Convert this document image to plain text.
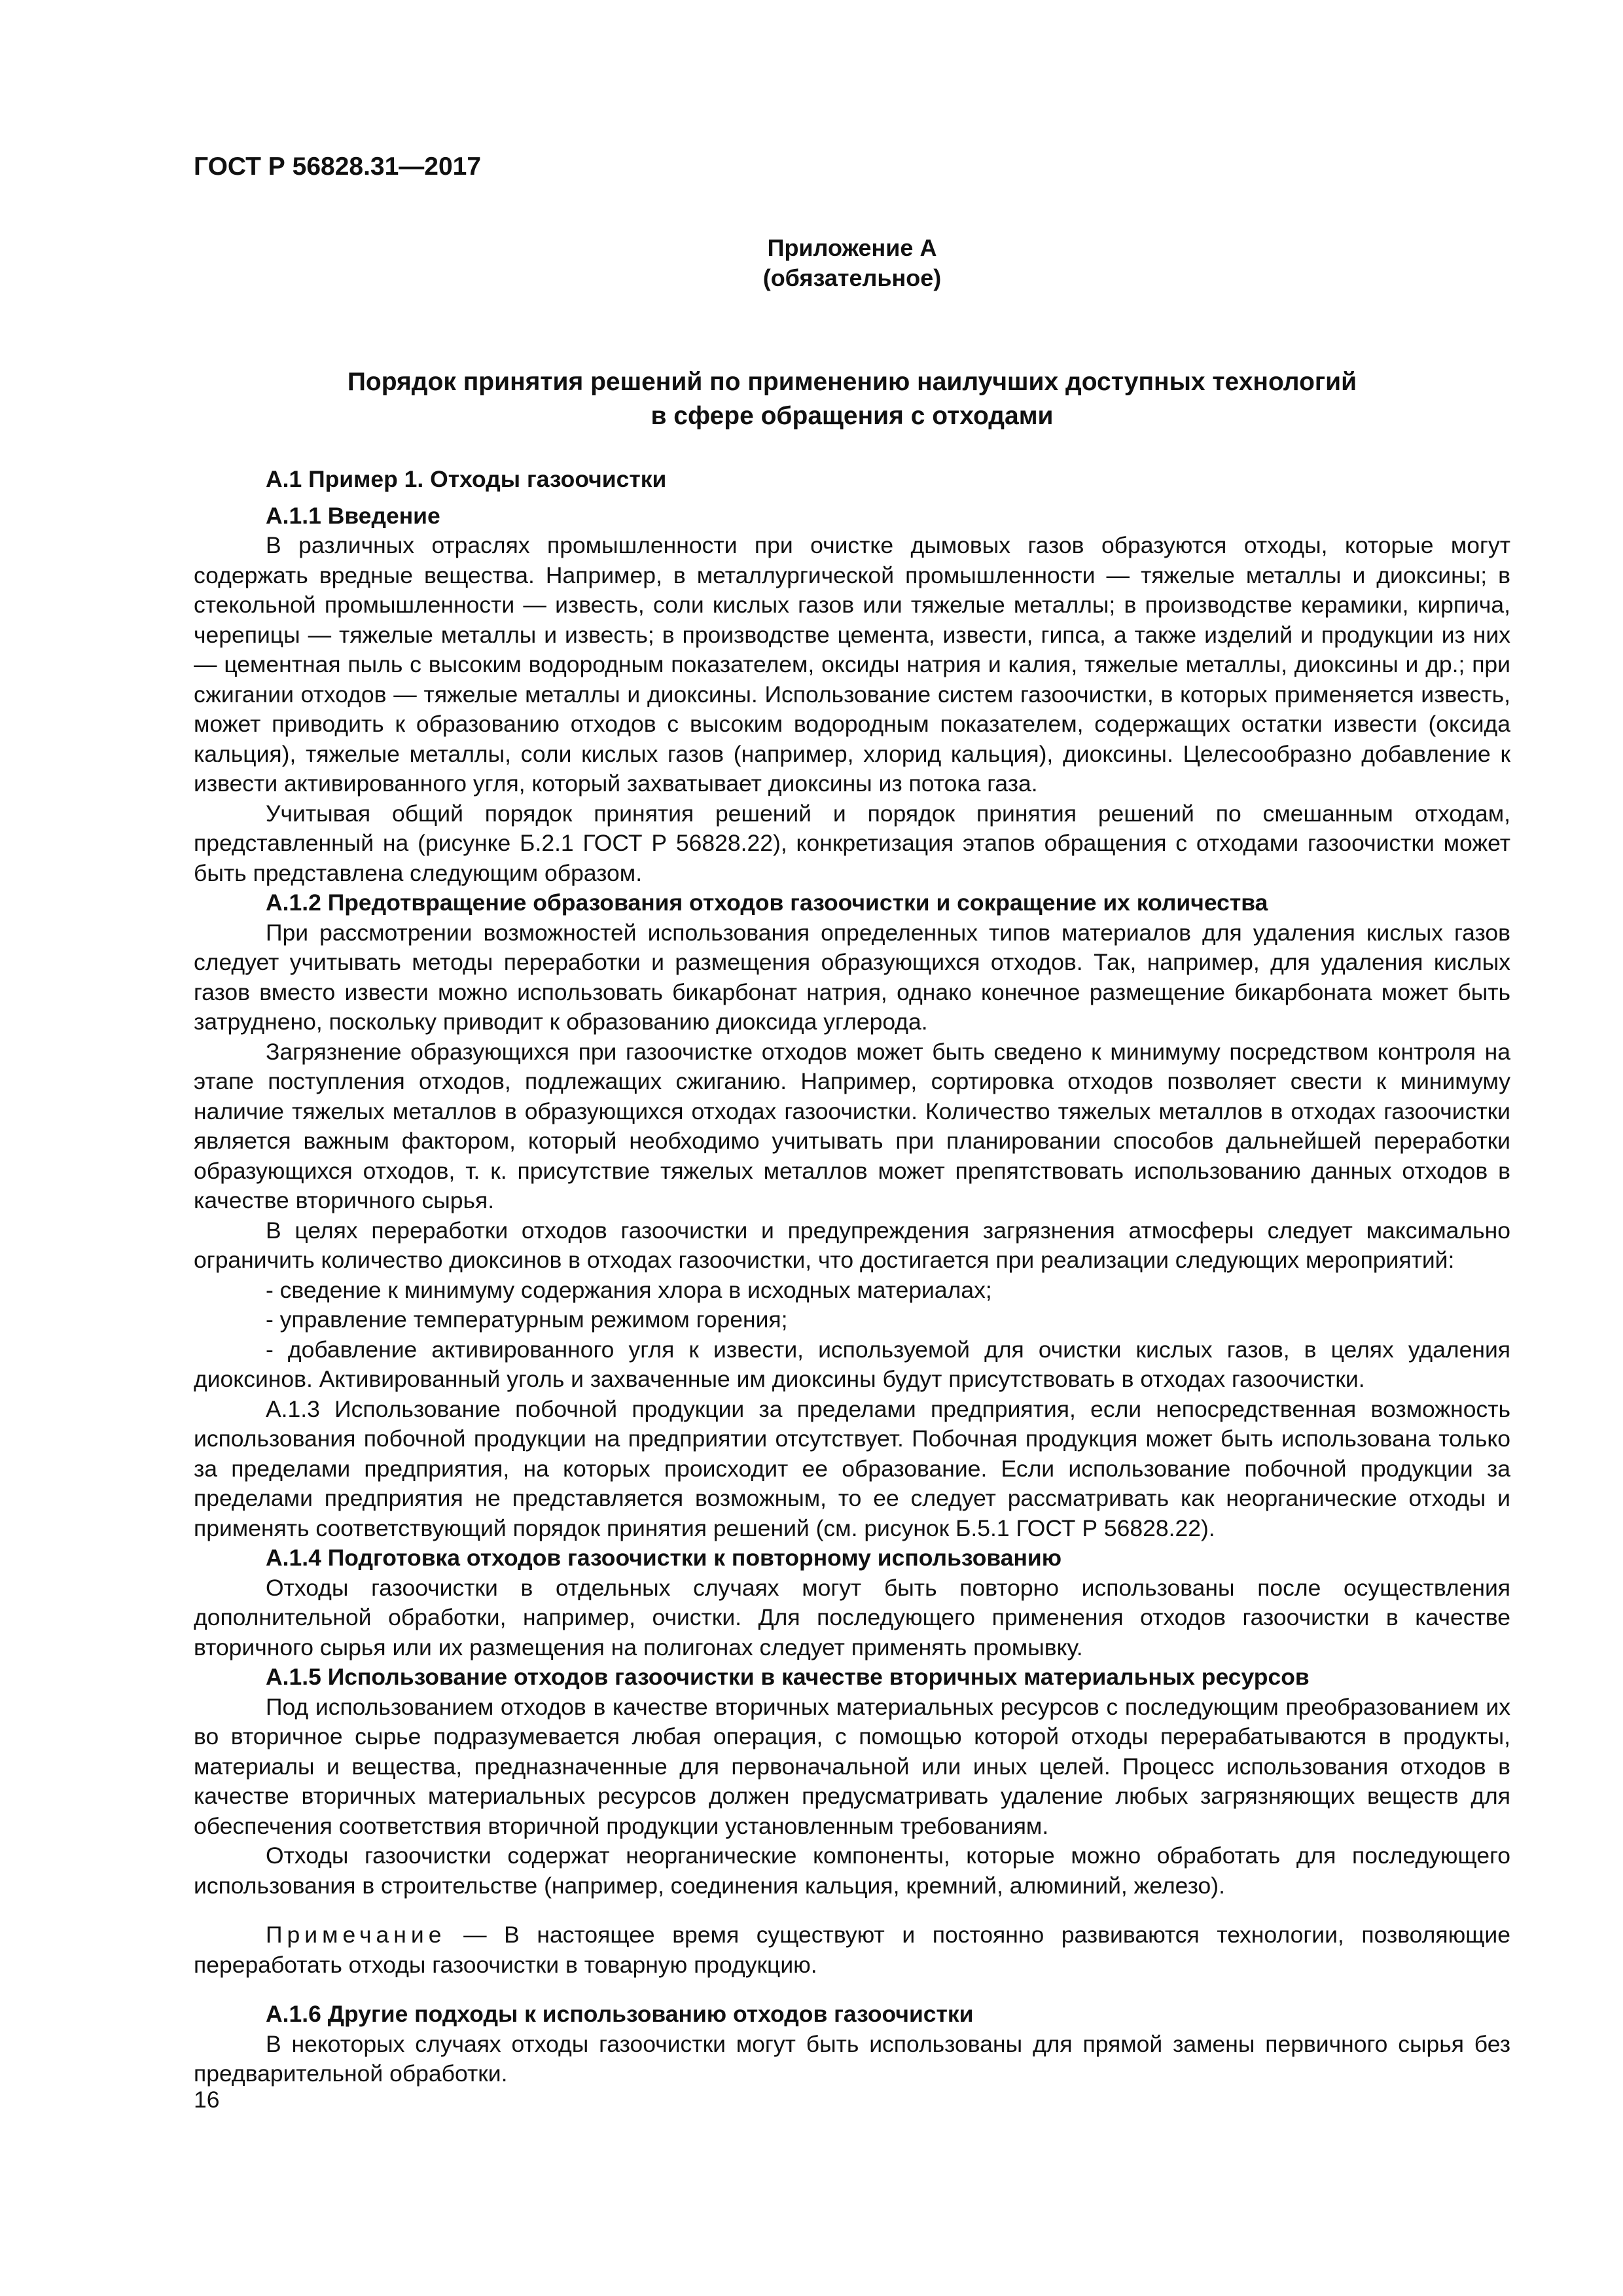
ГОСТ Р 56828.31—2017
Приложение А
(обязательное)
Порядок принятия решений по применению наилучших доступных технологий
в сфере обращения с отходами
А.1 Пример 1. Отходы газоочистки
А.1.1 Введение

В различных отраслях промышленности при очистке дымовых газов образуются отходы, которые могут содержать вредные вещества. Например, в металлургической промышленности — тяжелые металлы и диоксины; в стекольной промышленности — известь, соли кислых газов или тяжелые металлы; в производстве керамики, кирпича, черепицы — тяжелые металлы и известь; в производстве цемента, извести, гипса, а также изделий и продукции из них — цементная пыль с высоким водородным показателем, оксиды натрия и калия, тяжелые металлы, диоксины и др.; при сжигании отходов — тяжелые металлы и диоксины. Использование систем газоочистки, в которых применяется известь, может приводить к образованию отходов с высоким водородным показателем, содержащих остатки извести (оксида кальция), тяжелые металлы, соли кислых газов (например, хлорид кальция), диоксины. Целесообразно добавление к извести активированного угля, который захватывает диоксины из потока газа.

Учитывая общий порядок принятия решений и порядок принятия решений по смешанным отходам, представленный на (рисунке Б.2.1 ГОСТ Р 56828.22), конкретизация этапов обращения с отходами газоочистки может быть представлена следующим образом.

А.1.2 Предотвращение образования отходов газоочистки и сокращение их количества

При рассмотрении возможностей использования определенных типов материалов для удаления кислых газов следует учитывать методы переработки и размещения образующихся отходов. Так, например, для удаления кислых газов вместо извести можно использовать бикарбонат натрия, однако конечное размещение бикарбоната может быть затруднено, поскольку приводит к образованию диоксида углерода.

Загрязнение образующихся при газоочистке отходов может быть сведено к минимуму посредством контроля на этапе поступления отходов, подлежащих сжиганию. Например, сортировка отходов позволяет свести к минимуму наличие тяжелых металлов в образующихся отходах газоочистки. Количество тяжелых металлов в отходах газоочистки является важным фактором, который необходимо учитывать при планировании способов дальнейшей переработки образующихся отходов, т. к. присутствие тяжелых металлов может препятствовать использованию данных отходов в качестве вторичного сырья.

В целях переработки отходов газоочистки и предупреждения загрязнения атмосферы следует максимально ограничить количество диоксинов в отходах газоочистки, что достигается при реализации следующих мероприятий:

- сведение к минимуму содержания хлора в исходных материалах;
- управление температурным режимом горения;

- добавление активированного угля к извести, используемой для очистки кислых газов, в целях удаления диоксинов. Активированный уголь и захваченные им диоксины будут присутствовать в отходах газоочистки.

А.1.3 Использование побочной продукции за пределами предприятия, если непосредственная возможность использования побочной продукции на предприятии отсутствует. Побочная продукция может быть использована только за пределами предприятия, на которых происходит ее образование. Если использование побочной продукции за пределами предприятия не представляется возможным, то ее следует рассматривать как неорганические отходы и применять соответствующий порядок принятия решений (см. рисунок Б.5.1 ГОСТ Р 56828.22).

А.1.4 Подготовка отходов газоочистки к повторному использованию

Отходы газоочистки в отдельных случаях могут быть повторно использованы после осуществления дополнительной обработки, например, очистки. Для последующего применения отходов газоочистки в качестве вторичного сырья или их размещения на полигонах следует применять промывку.

А.1.5 Использование отходов газоочистки в качестве вторичных материальных ресурсов

Под использованием отходов в качестве вторичных материальных ресурсов с последующим преобразованием их во вторичное сырье подразумевается любая операция, с помощью которой отходы перерабатываются в продукты, материалы и вещества, предназначенные для первоначальной или иных целей. Процесс использования отходов в качестве вторичных материальных ресурсов должен предусматривать удаление любых загрязняющих веществ для обеспечения соответствия вторичной продукции установленным требованиям.

Отходы газоочистки содержат неорганические компоненты, которые можно обработать для последующего использования в строительстве (например, соединения кальция, кремний, алюминий, железо).

Примечание — В настоящее время существуют и постоянно развиваются технологии, позволяющие переработать отходы газоочистки в товарную продукцию.

А.1.6 Другие подходы к использованию отходов газоочистки

В некоторых случаях отходы газоочистки могут быть использованы для прямой замены первичного сырья без предварительной обработки.

16
